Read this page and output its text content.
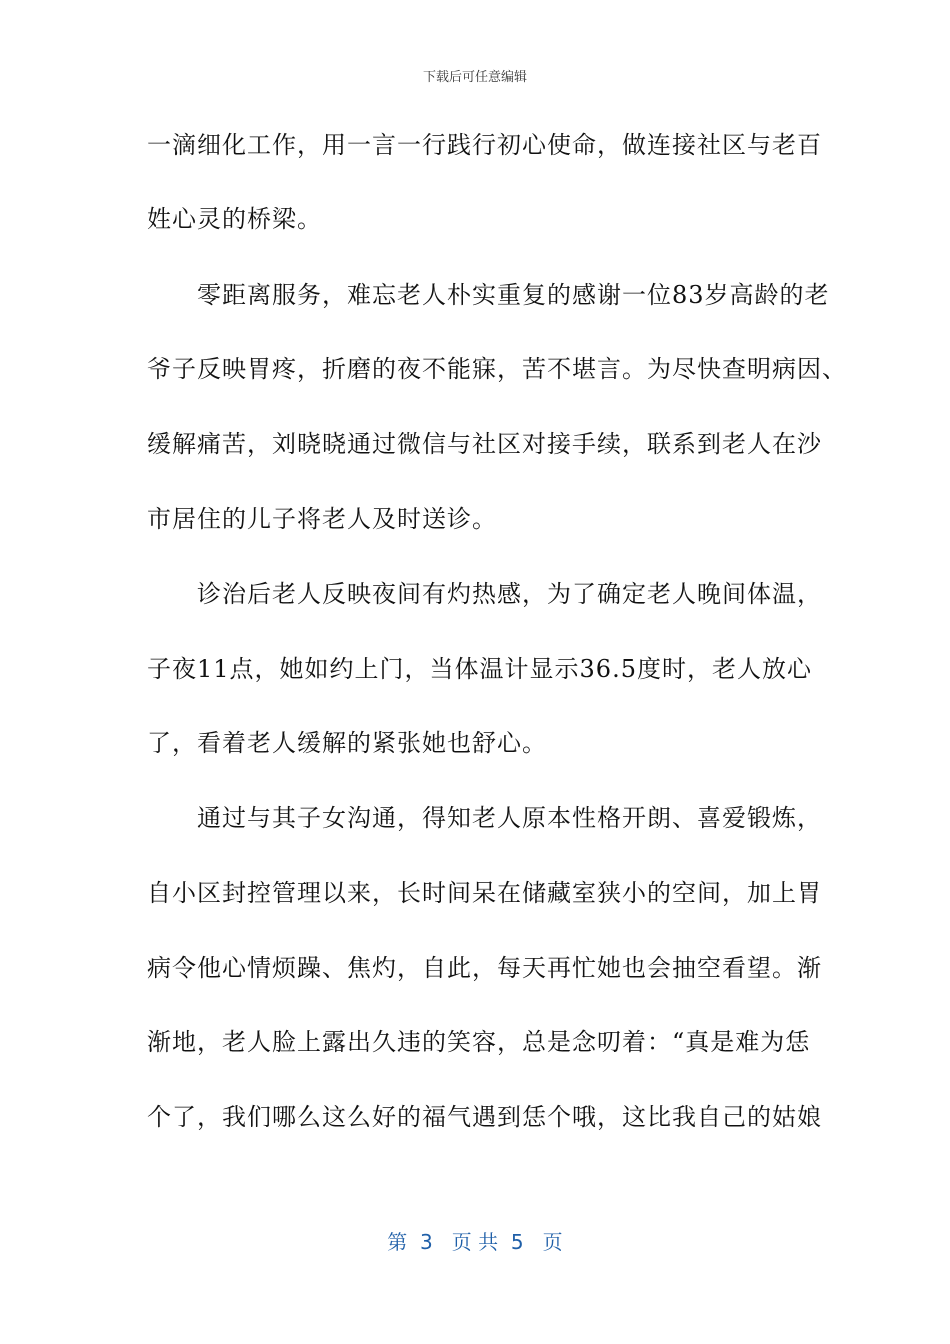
下载后可任意编辑
一滴细化工作，用一言一行践行初心使命，做连接社区与老百
姓心灵的桥梁。
　　零距离服务，难忘老人朴实重复的感谢一位83岁高龄的老
爷子反映胃疼，折磨的夜不能寐，苦不堪言。为尽快查明病因、
缓解痛苦，刘晓晓通过微信与社区对接手续，联系到老人在沙
市居住的儿子将老人及时送诊。
　　诊治后老人反映夜间有灼热感，为了确定老人晚间体温，
子夜11点，她如约上门，当体温计显示36.5度时，老人放心
了，看着老人缓解的紧张她也舒心。
　　通过与其子女沟通，得知老人原本性格开朗、喜爱锻炼，
自小区封控管理以来，长时间呆在储藏室狭小的空间，加上胃
病令他心情烦躁、焦灼，自此，每天再忙她也会抽空看望。渐
渐地，老人脸上露出久违的笑容，总是念叨着：“真是难为恁
个了，我们哪么这么好的福气遇到恁个哦，这比我自己的姑娘
第  3   页 共  5   页
